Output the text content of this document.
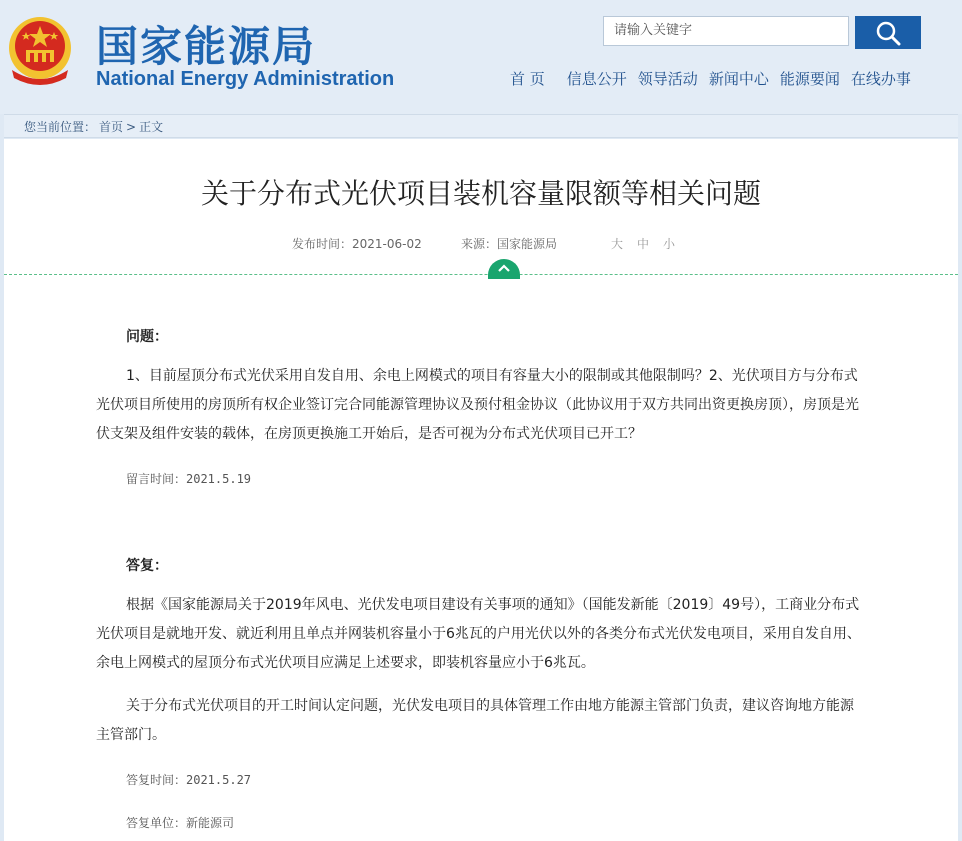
国家能源局
National Energy Administration
请输入关键字
首 页 信息公开 领导活动 新闻中心 能源要闻 在线办事
您当前位置： 首页 > 正文
关于分布式光伏项目装机容量限额等相关问题
发布时间：2021-06-02	来源：国家能源局	大 中 小
问题：

1、目前屋顶分布式光伏采用自发自用、余电上网模式的项目有容量大小的限制或其他限制吗？2、光伏项目方与分布式光伏项目所使用的房顶所有权企业签订完合同能源管理协议及预付租金协议（此协议用于双方共同出资更换房顶），房顶是光伏支架及组件安装的载体，在房顶更换施工开始后，是否可视为分布式光伏项目已开工？

留言时间：2021.5.19
答复：

根据《国家能源局关于2019年风电、光伏发电项目建设有关事项的通知》（国能发新能〔2019〕49号），工商业分布式光伏项目是就地开发、就近利用且单点并网装机容量小于6兆瓦的户用光伏以外的各类分布式光伏发电项目，采用自发自用、余电上网模式的屋顶分布式光伏项目应满足上述要求，即装机容量应小于6兆瓦。

关于分布式光伏项目的开工时间认定问题，光伏发电项目的具体管理工作由地方能源主管部门负责，建议咨询地方能源主管部门。

答复时间：2021.5.27
答复单位：新能源司
